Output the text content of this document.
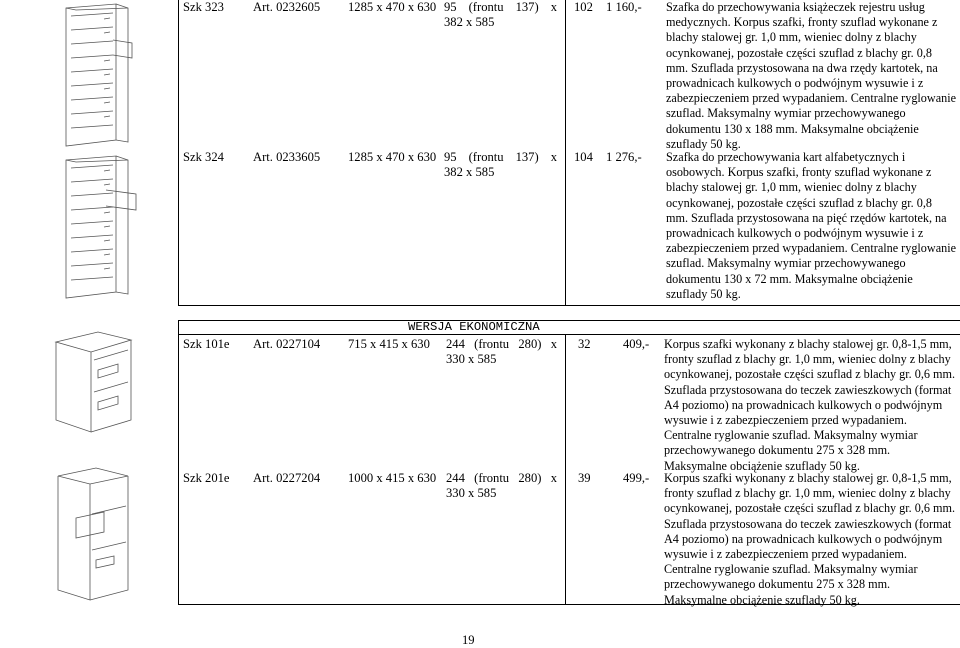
Szk 323 Art. 0232605 1285 x 470 x 630 95 (frontu 137) x
382 x 585
102 1 160,- Szafka do przechowywania książeczek rejestru usług medycznych. Korpus szafki, fronty szuflad wykonane z blachy stalowej gr. 1,0 mm, wieniec dolny z blachy ocynkowanej, pozostałe części szuflad z blachy gr. 0,8 mm. Szuflada przystosowana na dwa rzędy kartotek, na prowadnicach kulkowych o podwójnym wysuwie i z zabezpieczeniem przed wypadaniem. Centralne ryglowanie szuflad. Maksymalny wymiar przechowywanego dokumentu 130 x 188 mm. Maksymalne obciążenie szuflady 50 kg.
Szk 324 Art. 0233605 1285 x 470 x 630 95 (frontu 137) x
382 x 585
104 1 276,- Szafka do przechowywania kart alfabetycznych i osobowych. Korpus szafki, fronty szuflad wykonane z blachy stalowej gr. 1,0 mm, wieniec dolny z blachy ocynkowanej, pozostałe części szuflad z blachy gr. 0,8 mm. Szuflada przystosowana na pięć rzędów kartotek, na prowadnicach kulkowych o podwójnym wysuwie i z zabezpieczeniem przed wypadaniem. Centralne ryglowanie szuflad. Maksymalny wymiar przechowywanego dokumentu 130 x 72 mm. Maksymalne obciążenie szuflady 50 kg.
WERSJA EKONOMICZNA
Szk 101e Art. 0227104 715 x 415 x 630 244 (frontu 280) x
330 x 585
32	409,- Korpus szafki wykonany z blachy stalowej gr. 0,8-1,5 mm, fronty szuflad z blachy gr. 1,0 mm, wieniec dolny z blachy ocynkowanej, pozostałe części szuflad z blachy gr. 0,6 mm. Szuflada przystosowana do teczek zawieszkowych (format A4 poziomo) na prowadnicach kulkowych o podwójnym wysuwie i z zabezpieczeniem przed wypadaniem. Centralne ryglowanie szuflad. Maksymalny wymiar przechowywanego dokumentu 275 x 328 mm. Maksymalne obciążenie szuflady 50 kg.
Szk 201e Art. 0227204 1000 x 415 x 630 244 (frontu 280) x
330 x 585
39	499,- Korpus szafki wykonany z blachy stalowej gr. 0,8-1,5 mm, fronty szuflad z blachy gr. 1,0 mm, wieniec dolny z blachy ocynkowanej, pozostałe części szuflad z blachy gr. 0,6 mm. Szuflada przystosowana do teczek zawieszkowych (format A4 poziomo) na prowadnicach kulkowych o podwójnym wysuwie i z zabezpieczeniem przed wypadaniem. Centralne ryglowanie szuflad. Maksymalny wymiar przechowywanego dokumentu 275 x 328 mm. Maksymalne obciążenie szuflady 50 kg.
19
